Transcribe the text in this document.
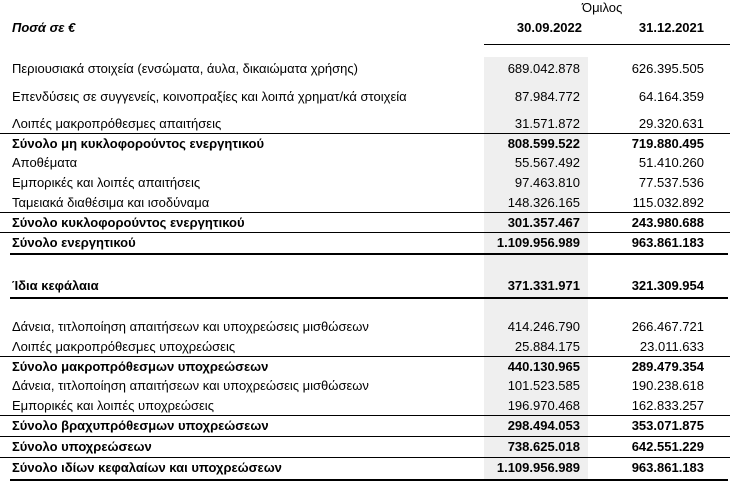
Όμιλος
Ποσά σε €	30.09.2022	31.12.2021
Περιουσιακά στοιχεία (ενσώματα, άυλα, δικαιώματα χρήσης)	689.042.878	626.395.505
Επενδύσεις σε συγγενείς, κοινοπραξίες και λοιπά χρηματ/κά στοιχεία	87.984.772	64.164.359
Λοιπές μακροπρόθεσμες απαιτήσεις	31.571.872	29.320.631
Σύνολο μη κυκλοφορούντος ενεργητικού	808.599.522	719.880.495
Αποθέματα	55.567.492	51.410.260
Εμπορικές και λοιπές απαιτήσεις	97.463.810	77.537.536
Ταμειακά διαθέσιμα και ισοδύναμα	148.326.165	115.032.892
Σύνολο κυκλοφορούντος ενεργητικού	301.357.467	243.980.688
Σύνολο ενεργητικού	1.109.956.989	963.861.183
Ίδια κεφάλαια	371.331.971	321.309.954
Δάνεια, τιτλοποίηση απαιτήσεων και υποχρεώσεις μισθώσεων	414.246.790	266.467.721
Λοιπές μακροπρόθεσμες υποχρεώσεις	25.884.175	23.011.633
Σύνολο μακροπρόθεσμων υποχρεώσεων	440.130.965	289.479.354
Δάνεια, τιτλοποίηση απαιτήσεων και υποχρεώσεις μισθώσεων	101.523.585	190.238.618
Εμπορικές και λοιπές υποχρεώσεις	196.970.468	162.833.257
Σύνολο βραχυπρόθεσμων υποχρεώσεων	298.494.053	353.071.875
Σύνολο υποχρεώσεων	738.625.018	642.551.229
Σύνολο ιδίων κεφαλαίων και υποχρεώσεων	1.109.956.989	963.861.183
